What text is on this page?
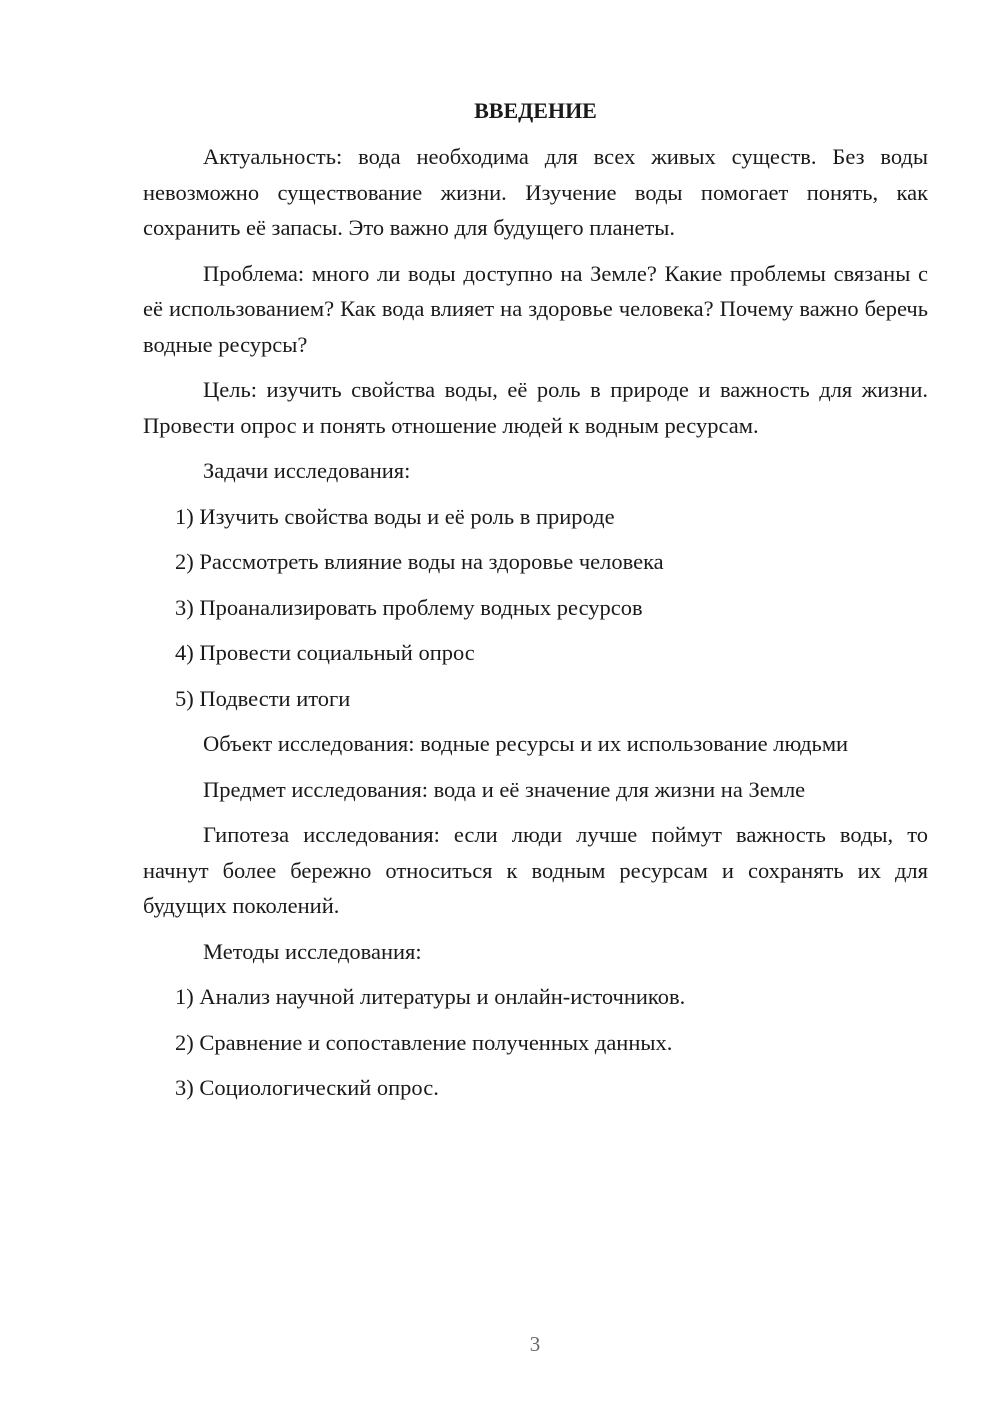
ВВЕДЕНИЕ

Актуальность: вода необходима для всех живых существ. Без воды невозможно существование жизни. Изучение воды помогает понять, как сохранить её запасы. Это важно для будущего планеты.

Проблема: много ли воды доступно на Земле? Какие проблемы связаны с её использованием? Как вода влияет на здоровье человека? Почему важно беречь водные ресурсы?

Цель: изучить свойства воды, её роль в природе и важность для жизни. Провести опрос и понять отношение людей к водным ресурсам.

Задачи исследования:

1) Изучить свойства воды и её роль в природе
2) Рассмотреть влияние воды на здоровье человека
3) Проанализировать проблему водных ресурсов
4) Провести социальный опрос
5) Подвести итоги

Объект исследования: водные ресурсы и их использование людьми

Предмет исследования: вода и её значение для жизни на Земле

Гипотеза исследования: если люди лучше поймут важность воды, то начнут более бережно относиться к водным ресурсам и сохранять их для будущих поколений.

Методы исследования:

1) Анализ научной литературы и онлайн-источников.
2) Сравнение и сопоставление полученных данных.
3) Социологический опрос.
3
